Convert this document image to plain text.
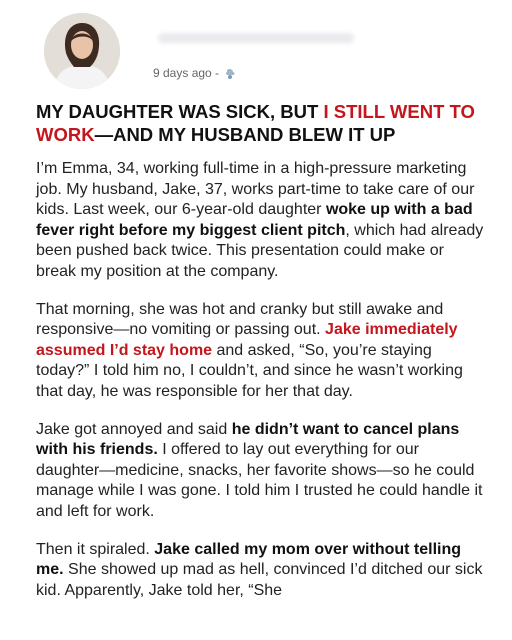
9 days ago -
MY DAUGHTER WAS SICK, BUT I STILL WENT TO WORK—AND MY HUSBAND BLEW IT UP

I’m Emma, 34, working full-time in a high-pressure marketing job. My husband, Jake, 37, works part-time to take care of our kids. Last week, our 6-year-old daughter woke up with a bad fever right before my biggest client pitch, which had already been pushed back twice. This presentation could make or break my position at the company.

That morning, she was hot and cranky but still awake and responsive—no vomiting or passing out. Jake immediately assumed I’d stay home and asked, “So, you’re staying today?” I told him no, I couldn’t, and since he wasn’t working that day, he was responsible for her that day.

Jake got annoyed and said he didn’t want to cancel plans with his friends. I offered to lay out everything for our daughter—medicine, snacks, her favorite shows—so he could manage while I was gone. I told him I trusted he could handle it and left for work.

Then it spiraled. Jake called my mom over without telling me. She showed up mad as hell, convinced I’d ditched our sick kid. Apparently, Jake told her, “She
